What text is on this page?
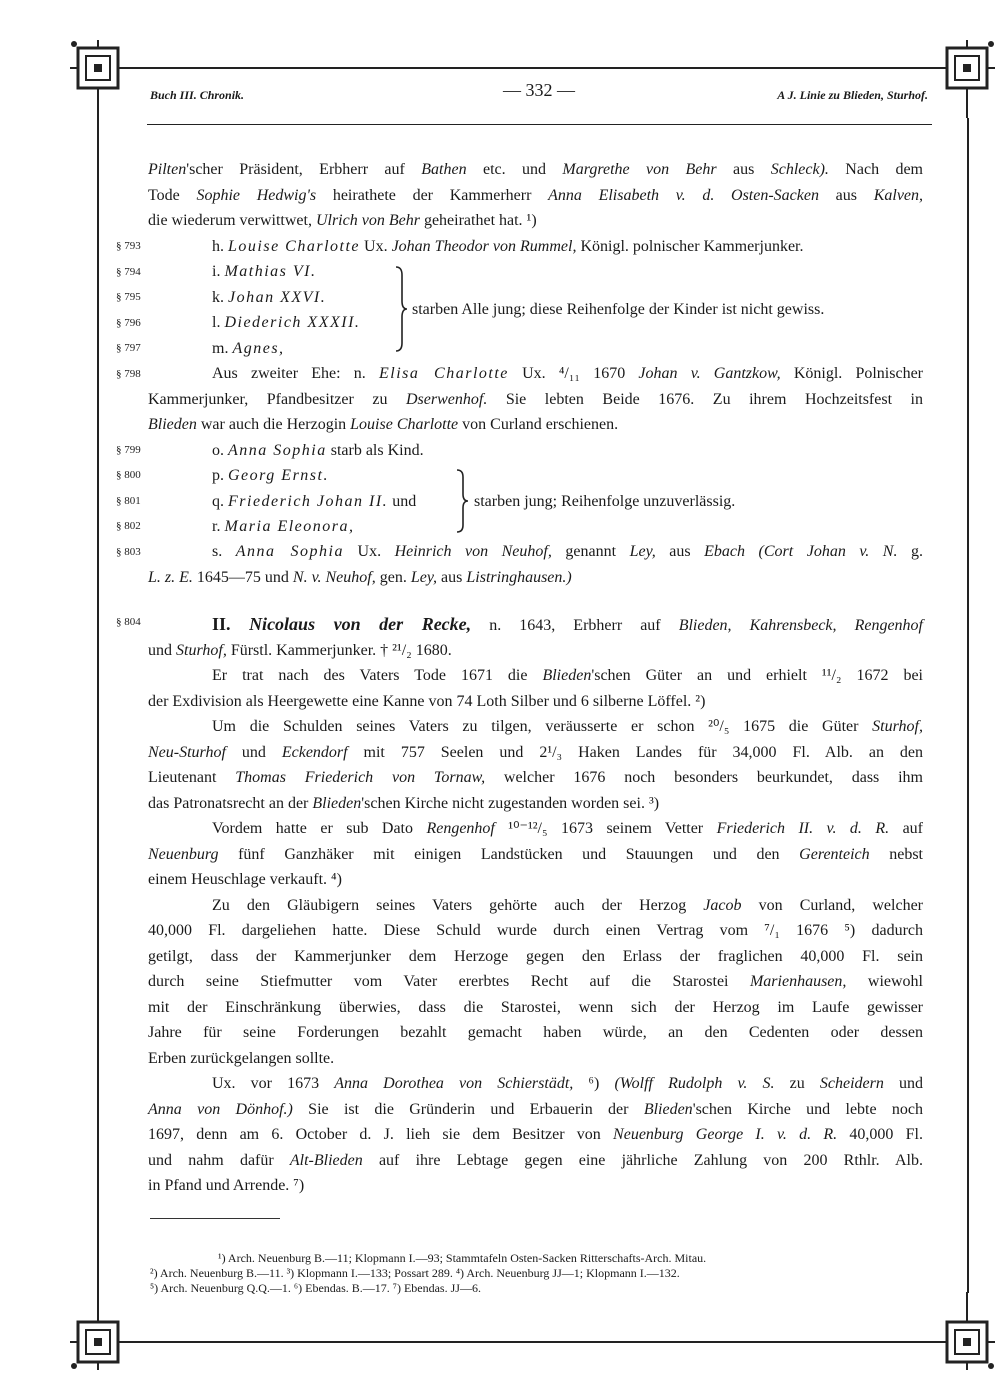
Buch III. Chronik.	— 332 —	A J. Linie zu Blieden, Sturhof.
§ 793
§ 794
§ 795
§ 796
§ 797
§ 798
§ 799
§ 800
§ 801
§ 802
§ 803
§ 804
Pilten'scher Präsident, Erbherr auf Bathen etc. und Margrethe von Behr aus Schleck). Nach dem
Tode Sophie Hedwig's heirathete der Kammerherr Anna Elisabeth v. d. Osten-Sacken aus Kalven,
die wiederum verwittwet, Ulrich von Behr geheirathet hat. ¹)
h. Louise Charlotte Ux. Johan Theodor von Rummel, Königl. polnischer Kammerjunker.
i. Mathias VI.
k. Johan XXVI.
l. Diederich XXXII.
m. Agnes,
starben Alle jung; diese Reihenfolge der Kinder ist nicht gewiss.
Aus zweiter Ehe: n. Elisa Charlotte Ux. ⁴/₁₁ 1670 Johan v. Gantzkow, Königl. Polnischer
Kammerjunker, Pfandbesitzer zu Dserwenhof. Sie lebten Beide 1676. Zu ihrem Hochzeitsfest in
Blieden war auch die Herzogin Louise Charlotte von Curland erschienen.
o. Anna Sophia starb als Kind.
p. Georg Ernst.
q. Friederich Johan II. und
r. Maria Eleonora,
starben jung; Reihenfolge unzuverlässig.
s. Anna Sophia Ux. Heinrich von Neuhof, genannt Ley, aus Ebach (Cort Johan v. N. g.
L. z. E. 1645—75 und N. v. Neuhof, gen. Ley, aus Listringhausen.)
II. Nicolaus von der Recke, n. 1643, Erbherr auf Blieden, Kahrensbeck, Rengenhof
und Sturhof, Fürstl. Kammerjunker. † ²¹/₂ 1680.
Er trat nach des Vaters Tode 1671 die Blieden'schen Güter an und erhielt ¹¹/₂ 1672 bei
der Exdivision als Heergewette eine Kanne von 74 Loth Silber und 6 silberne Löffel. ²)
Um die Schulden seines Vaters zu tilgen, veräusserte er schon ²⁰/₅ 1675 die Güter Sturhof,
Neu-Sturhof und Eckendorf mit 757 Seelen und 2¹/₃ Haken Landes für 34,000 Fl. Alb. an den
Lieutenant Thomas Friederich von Tornaw, welcher 1676 noch besonders beurkundet, dass ihm
das Patronatsrecht an der Blieden'schen Kirche nicht zugestanden worden sei. ³)
Vordem hatte er sub Dato Rengenhof ¹⁰⁻¹²/₅ 1673 seinem Vetter Friederich II. v. d. R. auf
Neuenburg fünf Ganzhäker mit einigen Landstücken und Stauungen und den Gerenteich nebst
einem Heuschlage verkauft. ⁴)
Zu den Gläubigern seines Vaters gehörte auch der Herzog Jacob von Curland, welcher
40,000 Fl. dargeliehen hatte. Diese Schuld wurde durch einen Vertrag vom ⁷/₁ 1676 ⁵) dadurch
getilgt, dass der Kammerjunker dem Herzoge gegen den Erlass der fraglichen 40,000 Fl. sein
durch seine Stiefmutter vom Vater ererbtes Recht auf die Starostei Marienhausen, wiewohl
mit der Einschränkung überwies, dass die Starostei, wenn sich der Herzog im Laufe gewisser
Jahre für seine Forderungen bezahlt gemacht haben würde, an den Cedenten oder dessen
Erben zurückgelangen sollte.
Ux. vor 1673 Anna Dorothea von Schierstädt, ⁶) (Wolff Rudolph v. S. zu Scheidern und
Anna von Dönhof.) Sie ist die Gründerin und Erbauerin der Blieden'schen Kirche und lebte noch
1697, denn am 6. October d. J. lieh sie dem Besitzer von Neuenburg George I. v. d. R. 40,000 Fl.
und nahm dafür Alt-Blieden auf ihre Lebtage gegen eine jährliche Zahlung von 200 Rthlr. Alb.
in Pfand und Arrende. ⁷)
¹) Arch. Neuenburg B.—11; Klopmann I.—93; Stammtafeln Osten-Sacken Ritterschafts-Arch. Mitau.
²) Arch. Neuenburg B.—11. ³) Klopmann I.—133; Possart 289. ⁴) Arch. Neuenburg JJ—1; Klopmann I.—132.
⁵) Arch. Neuenburg Q.Q.—1. ⁶) Ebendas. B.—17. ⁷) Ebendas. JJ—6.
